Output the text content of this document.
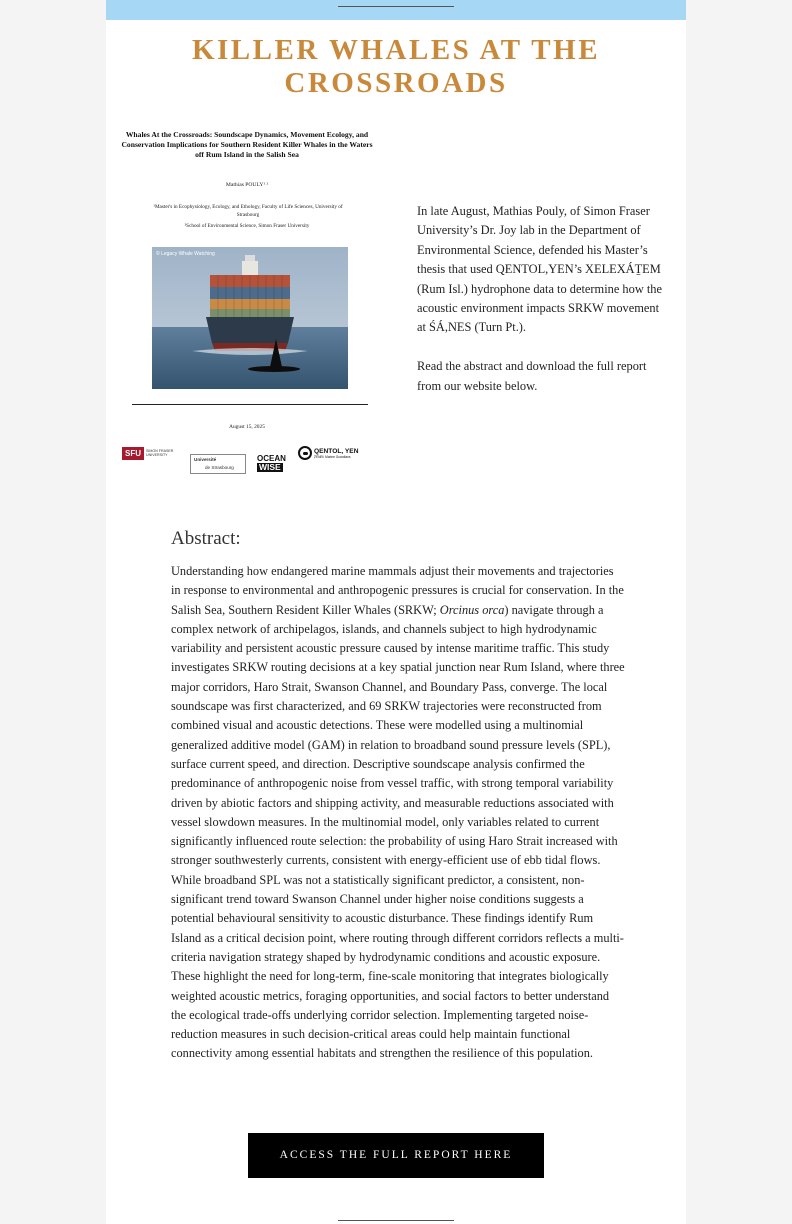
KILLER WHALES AT THE CROSSROADS
Whales At the Crossroads: Soundscape Dynamics, Movement Ecology, and Conservation Implications for Southern Resident Killer Whales in the Waters off Rum Island in the Salish Sea
Mathias POULY¹ ²
¹Master's in Ecophysiology, Ecology, and Ethology, Faculty of Life Sciences, University of Strasbourg
²School of Environmental Science, Simon Fraser University
© Legacy Whale Watching
August 15, 2025
SFU SIMON FRASER UNIVERSITY
Université
de Strasbourg
OCEAN
WISE
QENTOL, YEN
ȾENEȽ Marine Guardians

In late August, Mathias Pouly, of Simon Fraser University’s Dr. Joy lab in the Department of Environmental Science, defended his Master’s thesis that used QENTOL,YEN’s XELEXÁṮEM (Rum Isl.) hydrophone data to determine how the acoustic environment impacts SRKW movement at ŚÁ,NES (Turn Pt.).

Read the abstract and download the full report from our website below.

Abstract:

Understanding how endangered marine mammals adjust their movements and trajectories in response to environmental and anthropogenic pressures is crucial for conservation. In the Salish Sea, Southern Resident Killer Whales (SRKW; Orcinus orca) navigate through a complex network of archipelagos, islands, and channels subject to high hydrodynamic variability and persistent acoustic pressure caused by intense maritime traffic. This study investigates SRKW routing decisions at a key spatial junction near Rum Island, where three major corridors, Haro Strait, Swanson Channel, and Boundary Pass, converge. The local soundscape was first characterized, and 69 SRKW trajectories were reconstructed from combined visual and acoustic detections. These were modelled using a multinomial generalized additive model (GAM) in relation to broadband sound pressure levels (SPL), surface current speed, and direction. Descriptive soundscape analysis confirmed the predominance of anthropogenic noise from vessel traffic, with strong temporal variability driven by abiotic factors and shipping activity, and measurable reductions associated with vessel slowdown measures. In the multinomial model, only variables related to current significantly influenced route selection: the probability of using Haro Strait increased with stronger southwesterly currents, consistent with energy-efficient use of ebb tidal flows. While broadband SPL was not a statistically significant predictor, a consistent, non-significant trend toward Swanson Channel under higher noise conditions suggests a potential behavioural sensitivity to acoustic disturbance. These findings identify Rum Island as a critical decision point, where routing through different corridors reflects a multi-criteria navigation strategy shaped by hydrodynamic conditions and acoustic exposure. These highlight the need for long-term, fine-scale monitoring that integrates biologically weighted acoustic metrics, foraging opportunities, and social factors to better understand the ecological trade-offs underlying corridor selection. Implementing targeted noise-reduction measures in such decision-critical areas could help maintain functional connectivity among essential habitats and strengthen the resilience of this population.

ACCESS THE FULL REPORT HERE
